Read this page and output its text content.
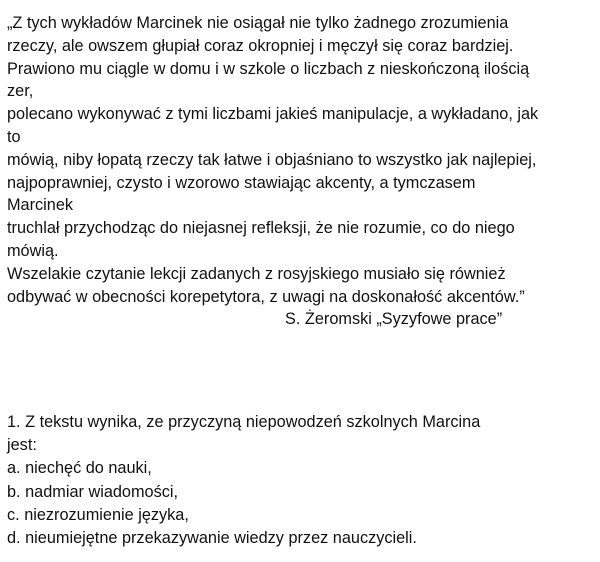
„Z tych wykładów Marcinek nie osiągał nie tylko żadnego zrozumienia
rzeczy, ale owszem głupiał coraz okropniej i męczył się coraz bardziej.
Prawiono mu ciągle w domu i w szkole o liczbach z nieskończoną ilością
zer,
polecano wykonywać z tymi liczbami jakieś manipulacje, a wykładano, jak
to
mówią, niby łopatą rzeczy tak łatwe i objaśniano to wszystko jak najlepiej,
najpoprawniej, czysto i wzorowo stawiając akcenty, a tymczasem
Marcinek
truchlał przychodząc do niejasnej refleksji, że nie rozumie, co do niego
mówią.
Wszelakie czytanie lekcji zadanych z rosyjskiego musiało się również
odbywać w obecności korepetytora, z uwagi na doskonałość akcentów.”
S. Żeromski „Syzyfowe prace”
1. Z tekstu wynika, ze przyczyną niepowodzeń szkolnych Marcina
jest:
a. niechęć do nauki,
b. nadmiar wiadomości,
c. niezrozumienie języka,
d. nieumiejętne przekazywanie wiedzy przez nauczycieli.
